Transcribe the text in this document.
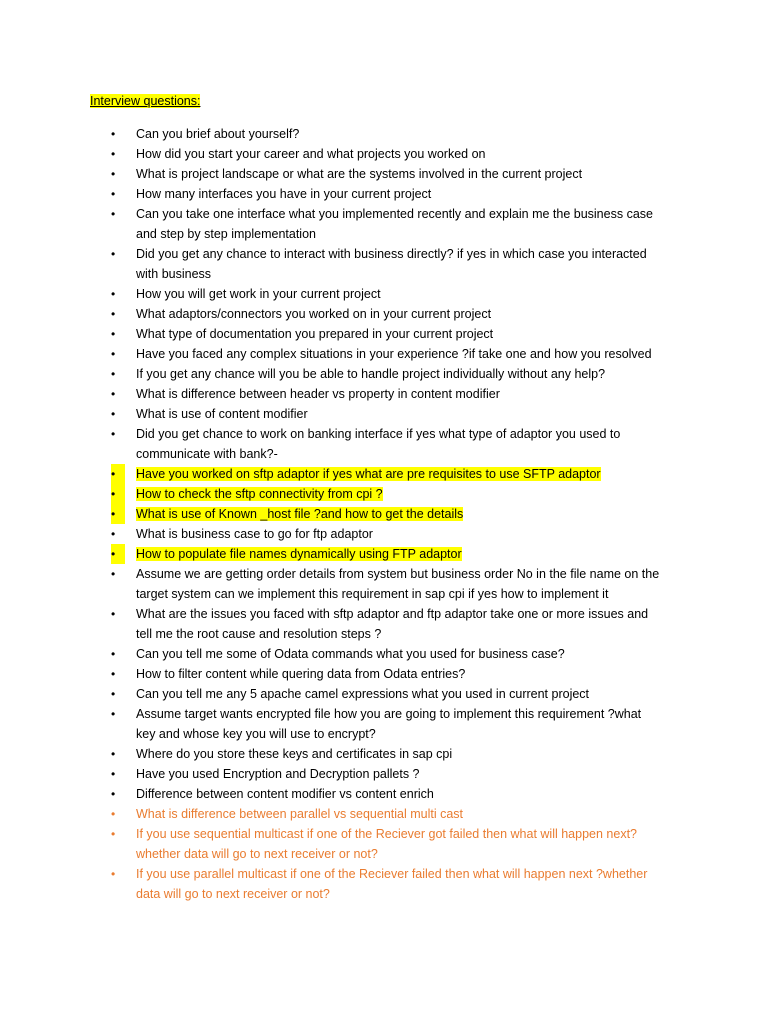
Interview questions:
•	Can you brief about yourself?
•	How did you start your career and what projects you worked on
•	What is project landscape or what are the systems involved in the current project
•	How many interfaces you have in your current project
•	Can you take one interface what you implemented recently and explain me the business case
and step by step implementation
•	Did you get any chance to interact with business directly? if yes in which case you interacted
with business
•	How you will get work in your current project
•	What adaptors/connectors you worked on in your current project
•	What type of documentation you prepared in your current project
•	Have you faced any complex situations in your experience ?if take one and how you resolved
•	If you get any chance will you be able to handle project individually without any help?
•	What is difference between header vs property in content modifier
•	What is use of content modifier
•	Did you get chance to work on banking interface if yes what type of adaptor you used to
communicate with bank?-
•	Have you worked on sftp adaptor if yes what are pre requisites to use SFTP adaptor
•	How to check the sftp connectivity from cpi ?
•	What is use of Known _host file ?and how to get the details
•	What is business case to go for ftp adaptor
•	How to populate file names dynamically using FTP adaptor
•	Assume we are getting order details from system but business order No in the file name on the
target system can we implement this requirement in sap cpi if yes how to implement it
•	What are the issues you faced with sftp adaptor and ftp adaptor take one or more issues and
tell me the root cause and resolution steps ?
•	Can you tell me some of Odata commands what you used for business case?
•	How to filter content while quering data from Odata entries?
•	Can you tell me any 5 apache camel expressions what you used in current project
•	Assume target wants encrypted file how you are going to implement this requirement ?what
key and whose key you will use to encrypt?
•	Where do you store these keys and certificates in sap cpi
•	Have you used Encryption and Decryption pallets ?
•	Difference between content modifier vs content enrich
•	What is difference between parallel vs sequential multi cast
•	If you use sequential multicast if one of the Reciever got failed then what will happen next?
whether data will go to next receiver or not?
•	If you use parallel multicast if one of the Reciever failed then what will happen next ?whether
data will go to next receiver or not?
